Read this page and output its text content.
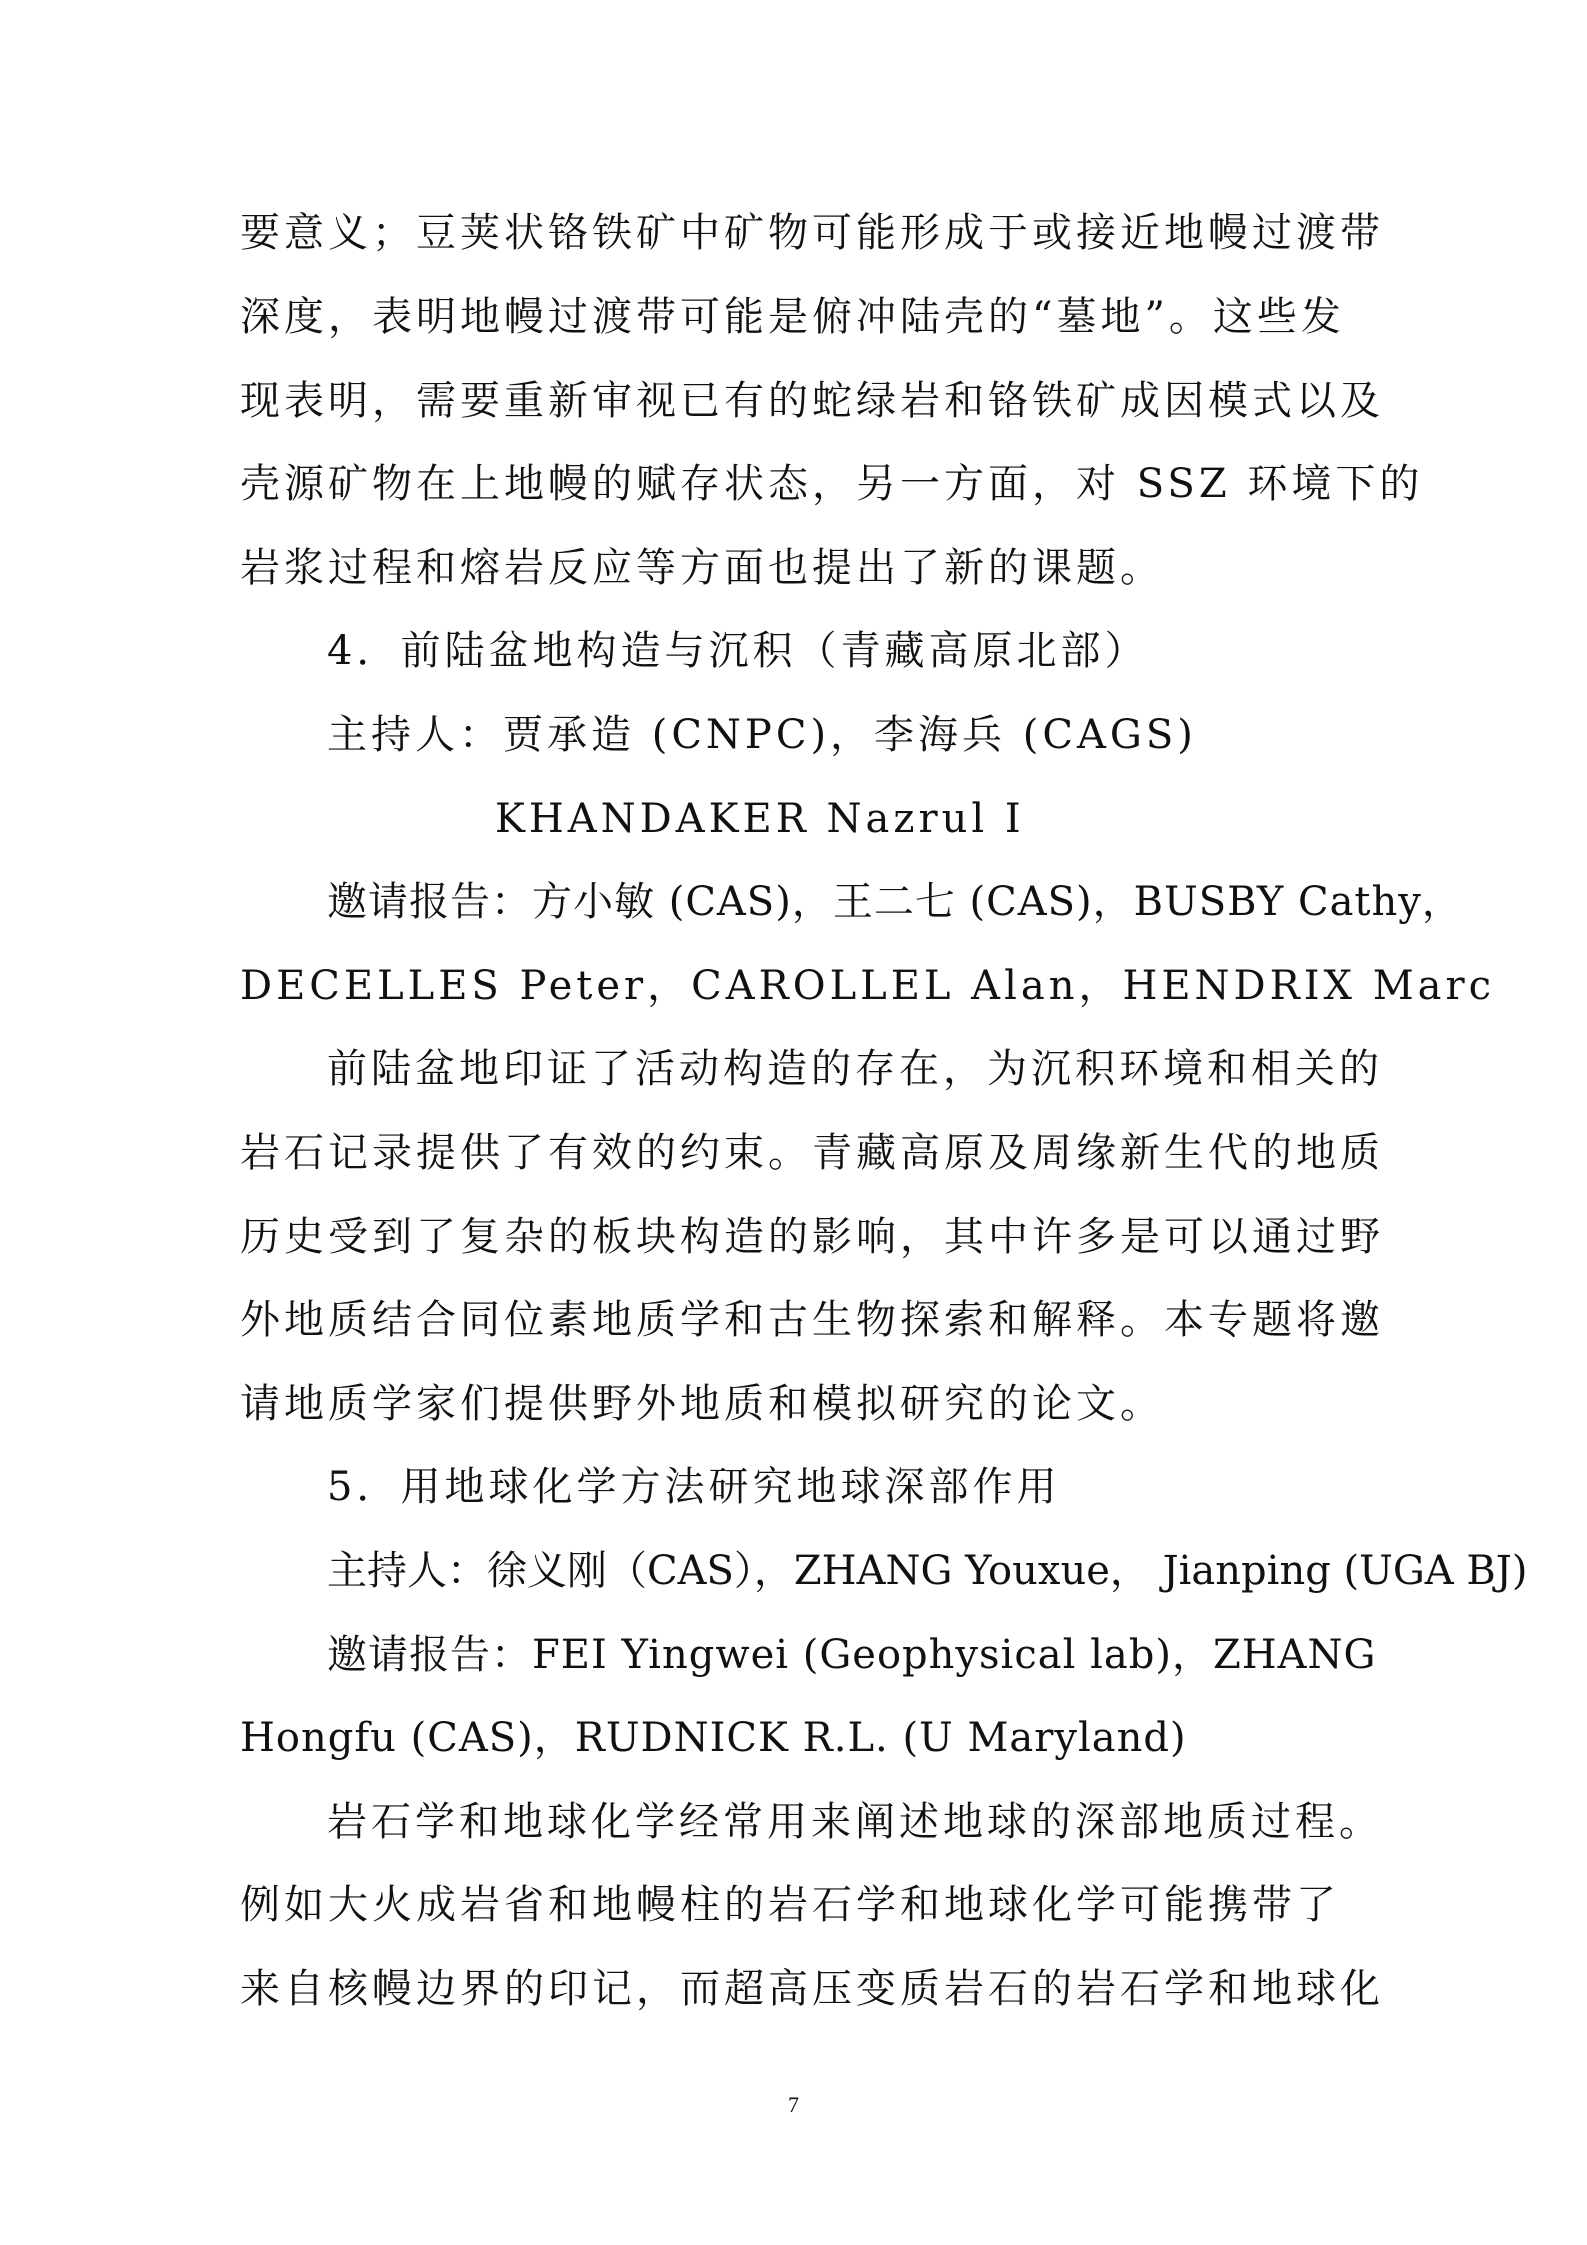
要意义；豆荚状铬铁矿中矿物可能形成于或接近地幔过渡带
深度，表明地幔过渡带可能是俯冲陆壳的“墓地”。这些发
现表明，需要重新审视已有的蛇绿岩和铬铁矿成因模式以及
壳源矿物在上地幔的赋存状态，另一方面，对 SSZ 环境下的
岩浆过程和熔岩反应等方面也提出了新的课题。
4．前陆盆地构造与沉积（青藏高原北部）
主持人：贾承造 (CNPC)，李海兵 (CAGS)
KHANDAKER Nazrul I
邀请报告：方小敏 (CAS)，王二七 (CAS)，BUSBY Cathy，
DECELLES Peter，CAROLLEL Alan，HENDRIX Marc
前陆盆地印证了活动构造的存在，为沉积环境和相关的
岩石记录提供了有效的约束。青藏高原及周缘新生代的地质
历史受到了复杂的板块构造的影响，其中许多是可以通过野
外地质结合同位素地质学和古生物探索和解释。本专题将邀
请地质学家们提供野外地质和模拟研究的论文。
5．用地球化学方法研究地球深部作用
主持人：徐义刚（CAS），ZHANG Youxue， Jianping (UGA BJ)
邀请报告：FEI Yingwei (Geophysical lab)，ZHANG
Hongfu (CAS)，RUDNICK R.L. (U Maryland)
岩石学和地球化学经常用来阐述地球的深部地质过程。
例如大火成岩省和地幔柱的岩石学和地球化学可能携带了
来自核幔边界的印记，而超高压变质岩石的岩石学和地球化
7
